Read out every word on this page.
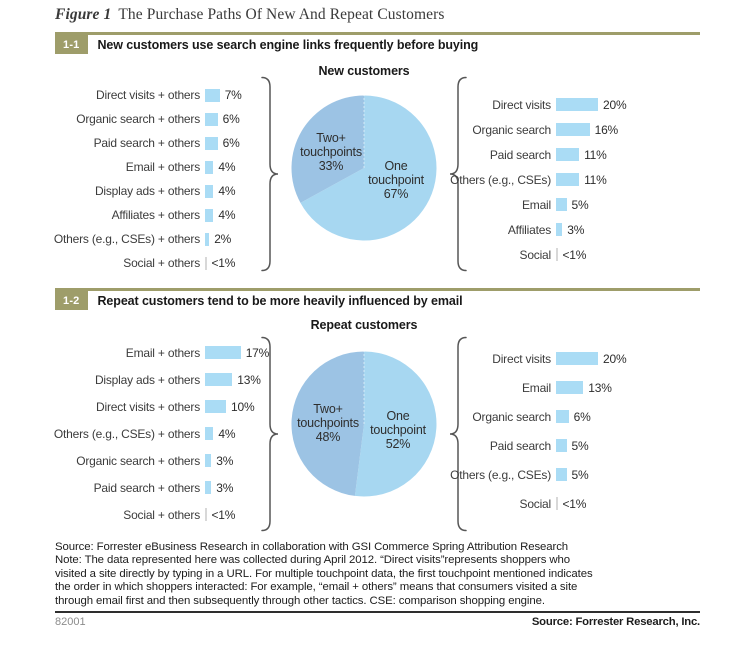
Figure 1 The Purchase Paths Of New And Repeat Customers
1-1	New customers use search engine links frequently before buying
New customers
Direct visits + others	7%
Organic search + others	6%
Paid search + others	6%
Email + others	4%
Display ads + others	4%
Affiliates + others	4%
Others (e.g., CSEs) + others	2%
Social + others <1%
One
touchpoint
67%
Two+
touchpoints
33%
Direct visits	20%
Organic search	16%
Paid search	11%
Others (e.g., CSEs)	11%
Email	5%
Affiliates	3%
Social <1%
1-2	Repeat customers tend to be more heavily influenced by email
Repeat customers
Email + others	17%
Display ads + others	13%
Direct visits + others	10%
Others (e.g., CSEs) + others	4%
Organic search + others	3%
Paid search + others	3%
Social + others <1%
One
touchpoint
52%
Two+
touchpoints
48%
Direct visits	20%
Email	13%
Organic search	6%
Paid search	5%
Others (e.g., CSEs)	5%
Social <1%
Source: Forrester eBusiness Research in collaboration with GSI Commerce Spring Attribution Research
Note: The data represented here was collected during April 2012. “Direct visits”represents shoppers who
visited a site directly by typing in a URL. For multiple touchpoint data, the first touchpoint mentioned indicates
the order in which shoppers interacted: For example, “email + others” means that consumers visited a site
through email first and then subsequently through other tactics. CSE: comparison shopping engine.
82001	Source: Forrester Research, Inc.
